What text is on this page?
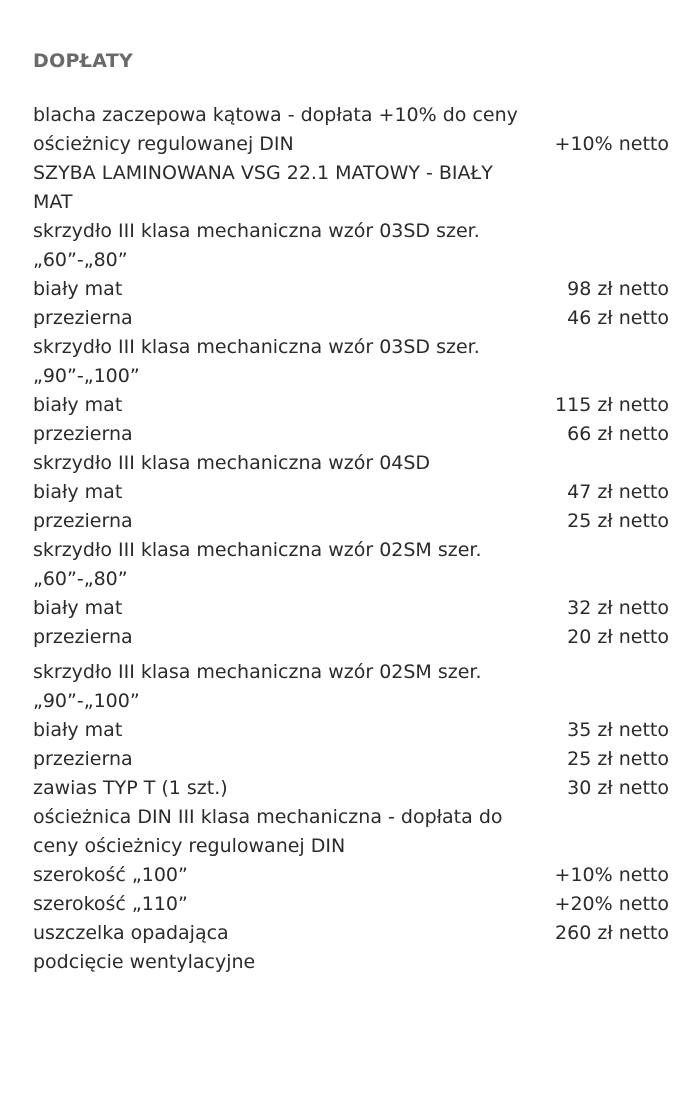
DOPŁATY
blacha zaczepowa kątowa - dopłata +10% do ceny ościeżnicy regulowanej DIN	+10% netto
SZYBA LAMINOWANA VSG 22.1 MATOWY - BIAŁY MAT
skrzydło III klasa mechaniczna wzór 03SD szer. „60”-„80”
biały mat	98 zł netto
przezierna	46 zł netto
skrzydło III klasa mechaniczna wzór 03SD szer. „90”-„100”
biały mat	115 zł netto
przezierna	66 zł netto
skrzydło III klasa mechaniczna wzór 04SD
biały mat	47 zł netto
przezierna	25 zł netto
skrzydło III klasa mechaniczna wzór 02SM szer. „60”-„80”
biały mat	32 zł netto
przezierna	20 zł netto
skrzydło III klasa mechaniczna wzór 02SM szer. „90”-„100”
biały mat	35 zł netto
przezierna	25 zł netto
zawias TYP T (1 szt.)	30 zł netto
ościeżnica DIN III klasa mechaniczna - dopłata do ceny ościeżnicy regulowanej DIN
szerokość „100”	+10% netto
szerokość „110”	+20% netto
uszczelka opadająca	260 zł netto
podcięcie wentylacyjne
